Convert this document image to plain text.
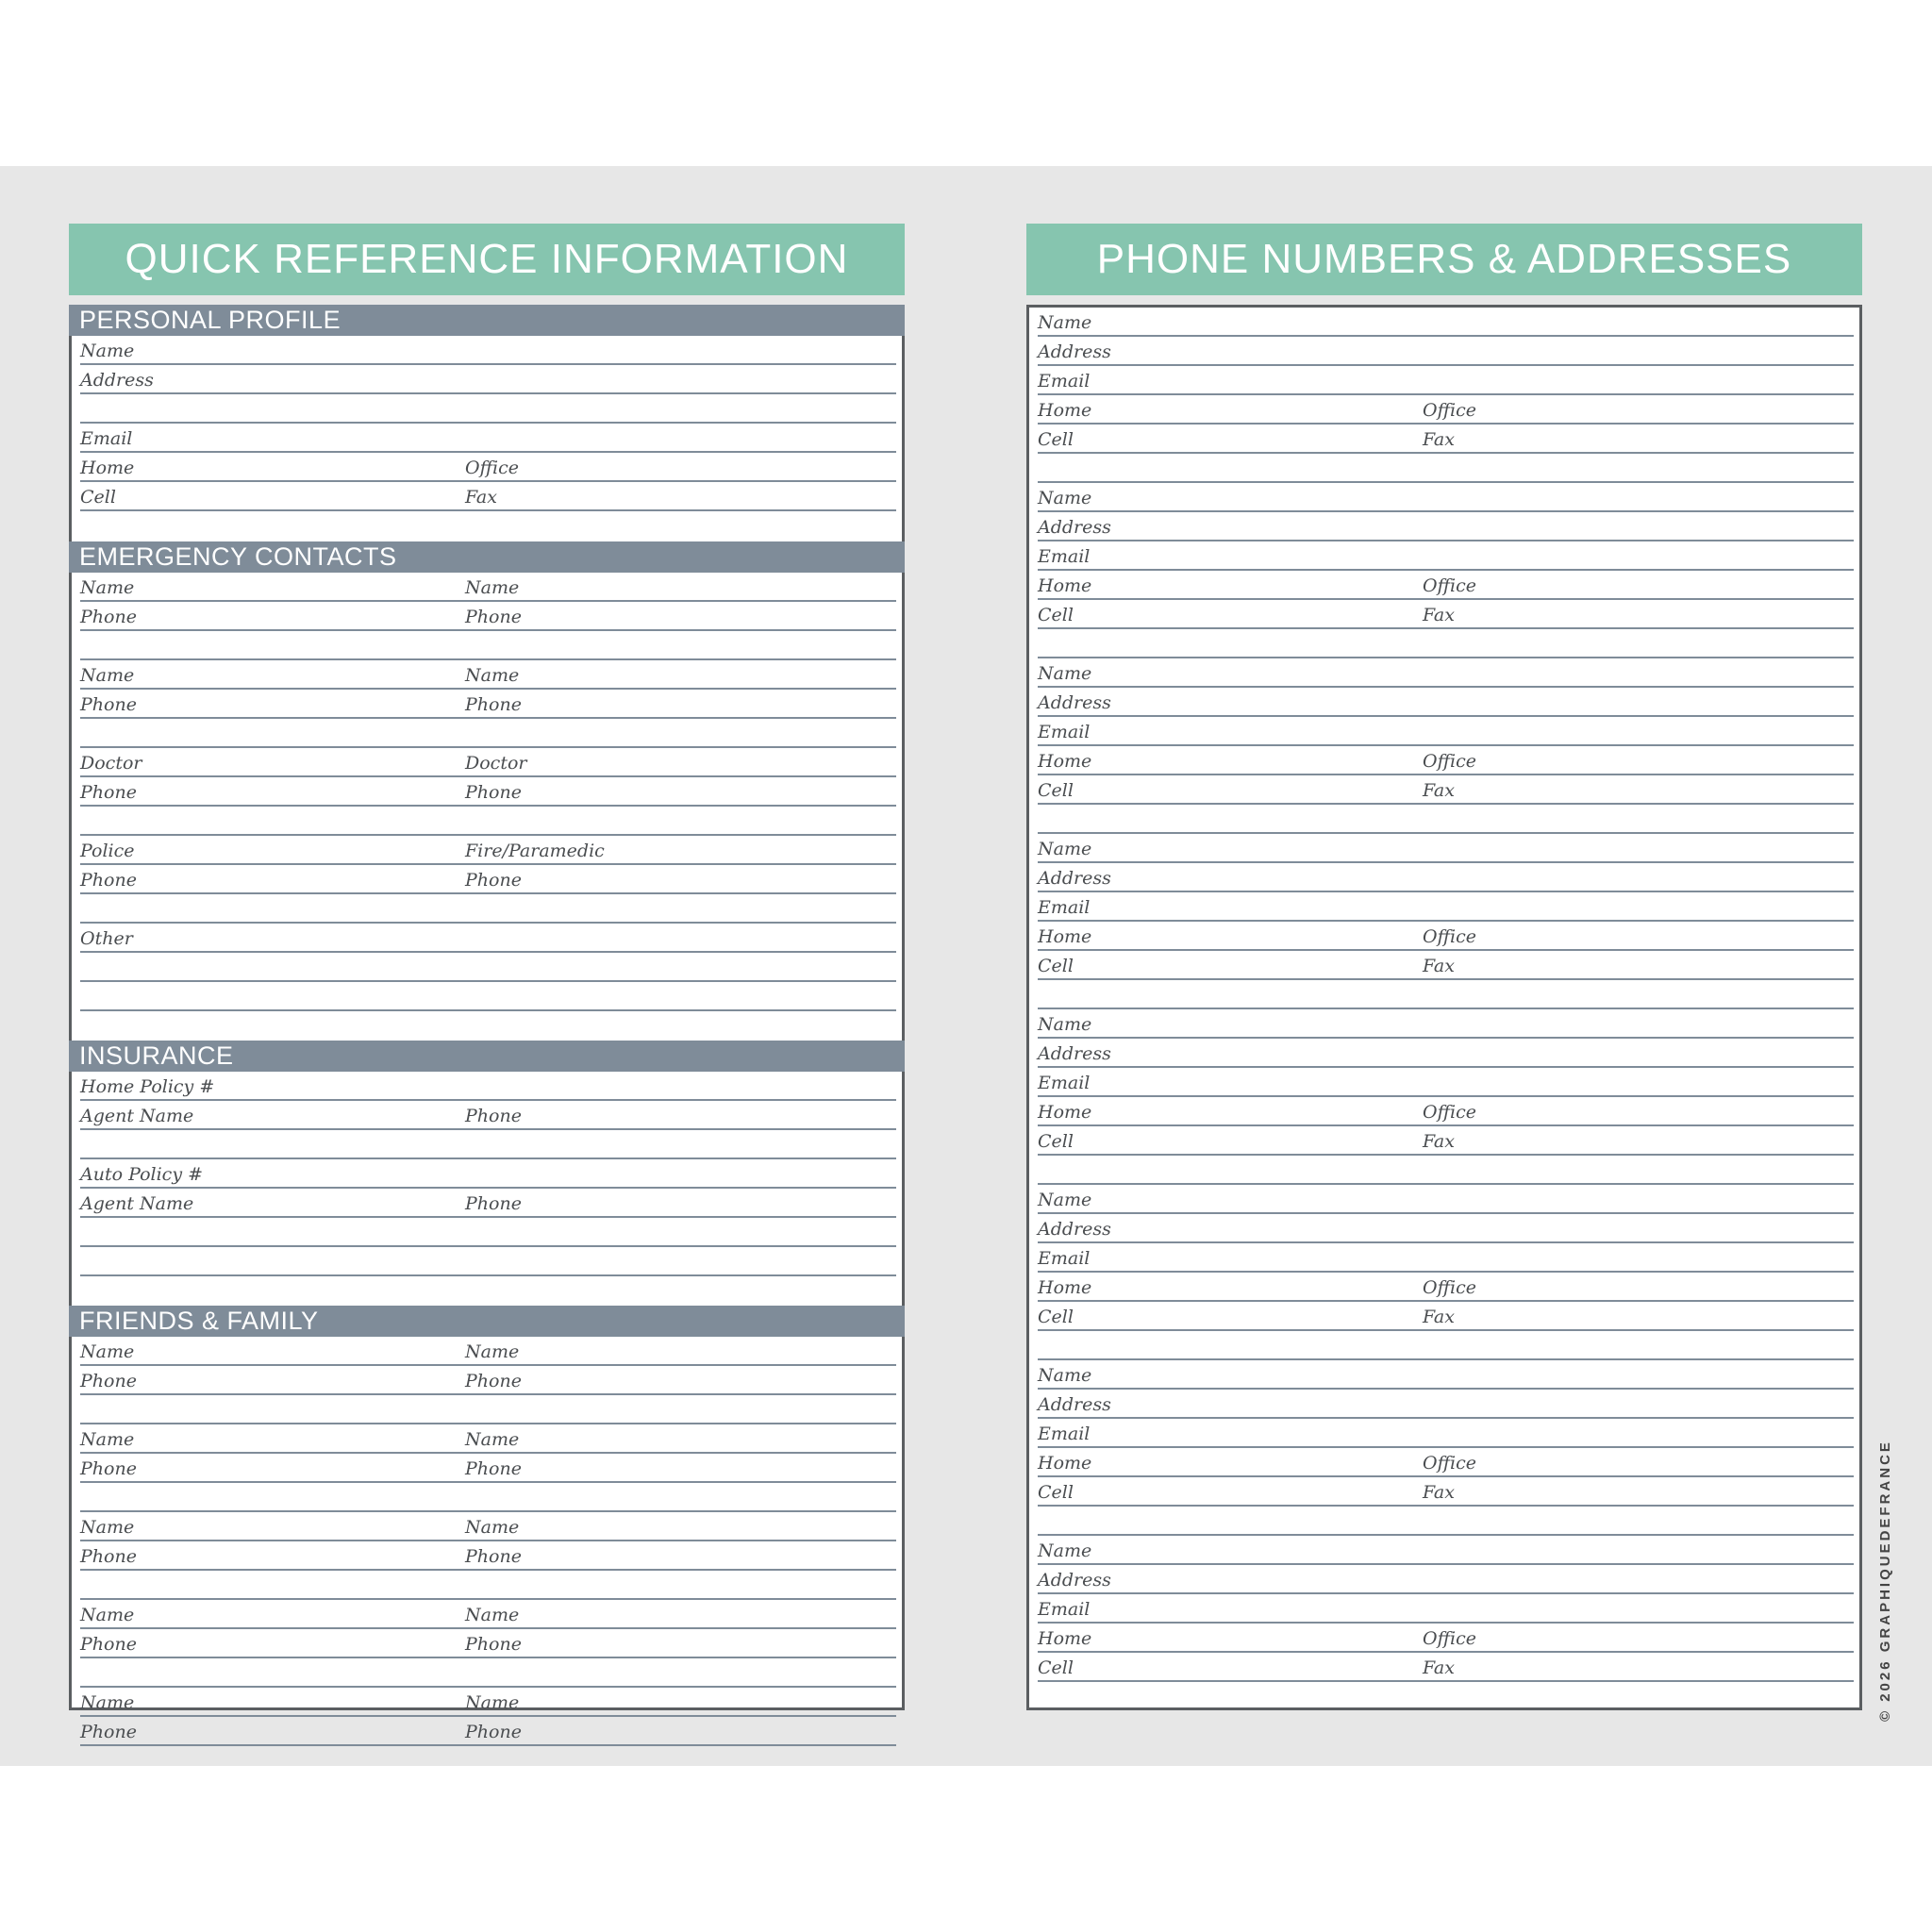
QUICK REFERENCE INFORMATION
PERSONAL PROFILE
Name
Address
Email
Home	Office
Cell	Fax
EMERGENCY CONTACTS
Name	Name
Phone	Phone
Name	Name
Phone	Phone
Doctor	Doctor
Phone	Phone
Police	Fire/Paramedic
Phone	Phone
Other
INSURANCE
Home Policy #
Agent Name	Phone
Auto Policy #
Agent Name	Phone
FRIENDS & FAMILY
Name	Name
Phone	Phone
Name	Name
Phone	Phone
Name	Name
Phone	Phone
Name	Name
Phone	Phone
Name	Name
Phone	Phone
PHONE NUMBERS & ADDRESSES
Name
Address
Email
Home	Office
Cell	Fax
Name
Address
Email
Home	Office
Cell	Fax
Name
Address
Email
Home	Office
Cell	Fax
Name
Address
Email
Home	Office
Cell	Fax
Name
Address
Email
Home	Office
Cell	Fax
Name
Address
Email
Home	Office
Cell	Fax
Name
Address
Email
Home	Office
Cell	Fax
Name
Address
Email
Home	Office
Cell	Fax	© 2026 GRAPHIQUEDEFRANCE
